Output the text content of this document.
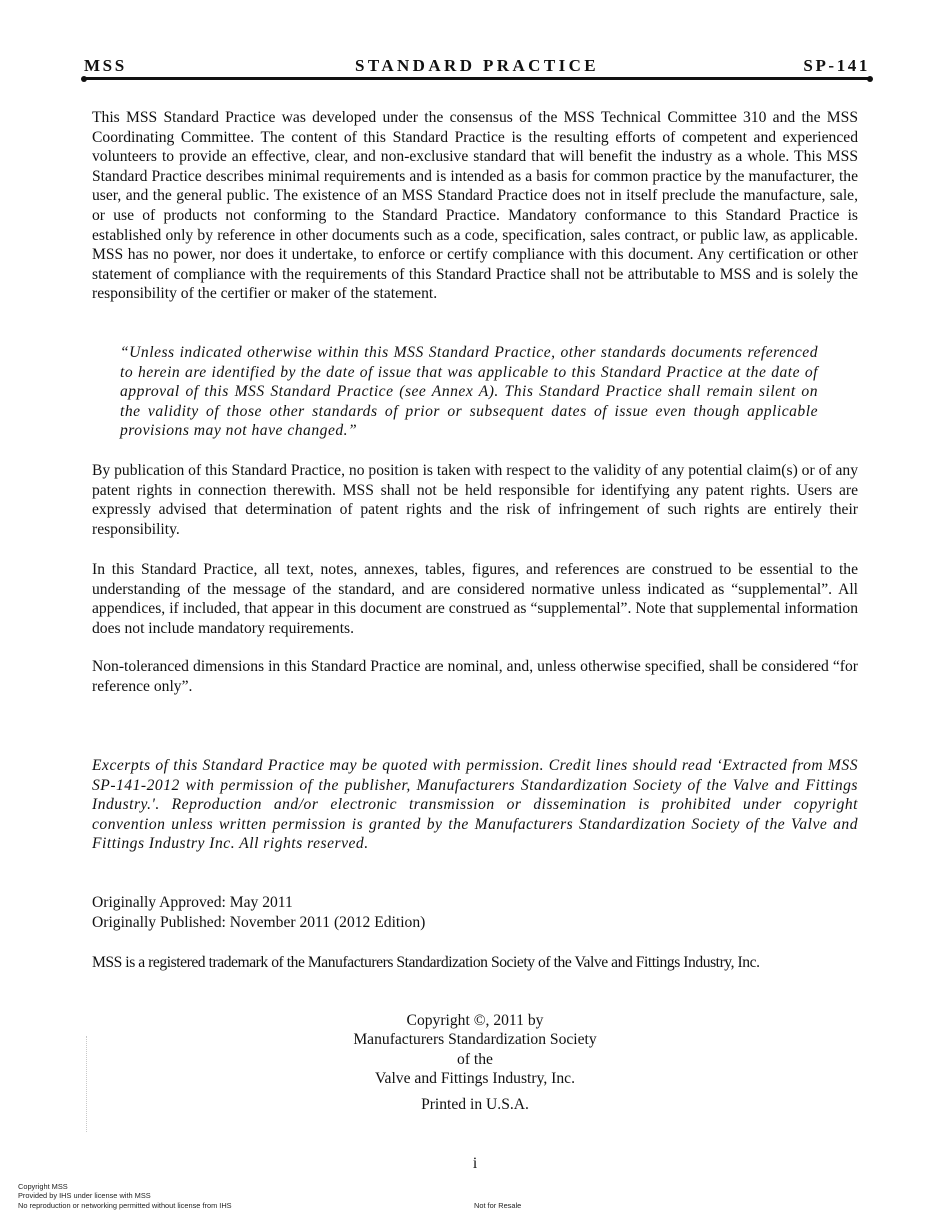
MSS	STANDARD PRACTICE	SP-141

This MSS Standard Practice was developed under the consensus of the MSS Technical Committee 310 and the MSS Coordinating Committee. The content of this Standard Practice is the resulting efforts of competent and experienced volunteers to provide an effective, clear, and non-exclusive standard that will benefit the industry as a whole. This MSS Standard Practice describes minimal requirements and is intended as a basis for common practice by the manufacturer, the user, and the general public. The existence of an MSS Standard Practice does not in itself preclude the manufacture, sale, or use of products not conforming to the Standard Practice. Mandatory conformance to this Standard Practice is established only by reference in other documents such as a code, specification, sales contract, or public law, as applicable. MSS has no power, nor does it undertake, to enforce or certify compliance with this document. Any certification or other statement of compliance with the requirements of this Standard Practice shall not be attributable to MSS and is solely the responsibility of the certifier or maker of the statement.

“Unless indicated otherwise within this MSS Standard Practice, other standards documents referenced to herein are identified by the date of issue that was applicable to this Standard Practice at the date of approval of this MSS Standard Practice (see Annex A). This Standard Practice shall remain silent on the validity of those other standards of prior or subsequent dates of issue even though applicable provisions may not have changed.”

By publication of this Standard Practice, no position is taken with respect to the validity of any potential claim(s) or of any patent rights in connection therewith. MSS shall not be held responsible for identifying any patent rights. Users are expressly advised that determination of patent rights and the risk of infringement of such rights are entirely their responsibility.

In this Standard Practice, all text, notes, annexes, tables, figures, and references are construed to be essential to the understanding of the message of the standard, and are considered normative unless indicated as “supplemental”. All appendices, if included, that appear in this document are construed as “supplemental”. Note that supplemental information does not include mandatory requirements.

Non-toleranced dimensions in this Standard Practice are nominal, and, unless otherwise specified, shall be considered “for reference only”.

Excerpts of this Standard Practice may be quoted with permission. Credit lines should read ‘Extracted from MSS SP-141-2012 with permission of the publisher, Manufacturers Standardization Society of the Valve and Fittings Industry.'. Reproduction and/or electronic transmission or dissemination is prohibited under copyright convention unless written permission is granted by the Manufacturers Standardization Society of the Valve and Fittings Industry Inc. All rights reserved.

Originally Approved: May 2011

Originally Published: November 2011 (2012 Edition)

MSS is a registered trademark of the Manufacturers Standardization Society of the Valve and Fittings Industry, Inc.

Copyright ©, 2011 by
Manufacturers Standardization Society
of the
Valve and Fittings Industry, Inc.
Printed in U.S.A.
i
Copyright MSS
Provided by IHS under license with MSS
No reproduction or networking permitted without license from IHS	Not for Resale
